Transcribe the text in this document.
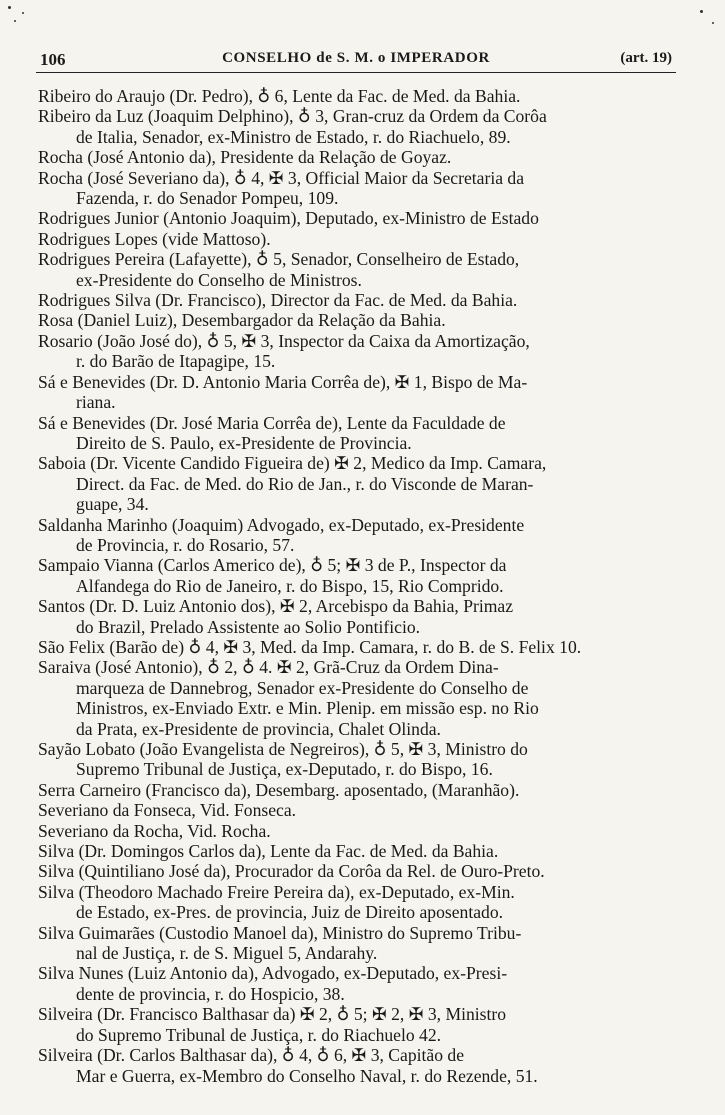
106	CONSELHO de S. M. o IMPERADOR	(art. 19)
Ribeiro do Araujo (Dr. Pedro), ♁ 6, Lente da Fac. de Med. da Bahia.
Ribeiro da Luz (Joaquim Delphino), ♁ 3, Gran-cruz da Ordem da Corôa
de Italia, Senador, ex-Ministro de Estado, r. do Riachuelo, 89.
Rocha (José Antonio da), Presidente da Relação de Goyaz.
Rocha (José Severiano da), ♁ 4, ✠ 3, Official Maior da Secretaria da
Fazenda, r. do Senador Pompeu, 109.
Rodrigues Junior (Antonio Joaquim), Deputado, ex-Ministro de Estado
Rodrigues Lopes (vide Mattoso).
Rodrigues Pereira (Lafayette), ♁ 5, Senador, Conselheiro de Estado,
ex-Presidente do Conselho de Ministros.
Rodrigues Silva (Dr. Francisco), Director da Fac. de Med. da Bahia.
Rosa (Daniel Luiz), Desembargador da Relação da Bahia.
Rosario (João José do), ♁ 5, ✠ 3, Inspector da Caixa da Amortização,
r. do Barão de Itapagipe, 15.
Sá e Benevides (Dr. D. Antonio Maria Corrêa de), ✠ 1, Bispo de Ma-
riana.
Sá e Benevides (Dr. José Maria Corrêa de), Lente da Faculdade de
Direito de S. Paulo, ex-Presidente de Provincia.
Saboia (Dr. Vicente Candido Figueira de) ✠ 2, Medico da Imp. Camara,
Direct. da Fac. de Med. do Rio de Jan., r. do Visconde de Maran-
guape, 34.
Saldanha Marinho (Joaquim) Advogado, ex-Deputado, ex-Presidente
de Provincia, r. do Rosario, 57.
Sampaio Vianna (Carlos Americo de), ♁ 5; ✠ 3 de P., Inspector da
Alfandega do Rio de Janeiro, r. do Bispo, 15, Rio Comprido.
Santos (Dr. D. Luiz Antonio dos), ✠ 2, Arcebispo da Bahia, Primaz
do Brazil, Prelado Assistente ao Solio Pontificio.
São Felix (Barão de) ♁ 4, ✠ 3, Med. da Imp. Camara, r. do B. de S. Felix 10.
Saraiva (José Antonio), ♁ 2, ♁ 4. ✠ 2, Grã-Cruz da Ordem Dina-
marqueza de Dannebrog, Senador ex-Presidente do Conselho de
Ministros, ex-Enviado Extr. e Min. Plenip. em missão esp. no Rio
da Prata, ex-Presidente de provincia, Chalet Olinda.
Sayão Lobato (João Evangelista de Negreiros), ♁ 5, ✠ 3, Ministro do
Supremo Tribunal de Justiça, ex-Deputado, r. do Bispo, 16.
Serra Carneiro (Francisco da), Desembarg. aposentado, (Maranhão).
Severiano da Fonseca, Vid. Fonseca.
Severiano da Rocha, Vid. Rocha.
Silva (Dr. Domingos Carlos da), Lente da Fac. de Med. da Bahia.
Silva (Quintiliano José da), Procurador da Corôa da Rel. de Ouro-Preto.
Silva (Theodoro Machado Freire Pereira da), ex-Deputado, ex-Min.
de Estado, ex-Pres. de provincia, Juiz de Direito aposentado.
Silva Guimarães (Custodio Manoel da), Ministro do Supremo Tribu-
nal de Justiça, r. de S. Miguel 5, Andarahy.
Silva Nunes (Luiz Antonio da), Advogado, ex-Deputado, ex-Presi-
dente de provincia, r. do Hospicio, 38.
Silveira (Dr. Francisco Balthasar da) ✠ 2, ♁ 5; ✠ 2, ✠ 3, Ministro
do Supremo Tribunal de Justiça, r. do Riachuelo 42.
Silveira (Dr. Carlos Balthasar da), ♁ 4, ♁ 6, ✠ 3, Capitão de
Mar e Guerra, ex-Membro do Conselho Naval, r. do Rezende, 51.
